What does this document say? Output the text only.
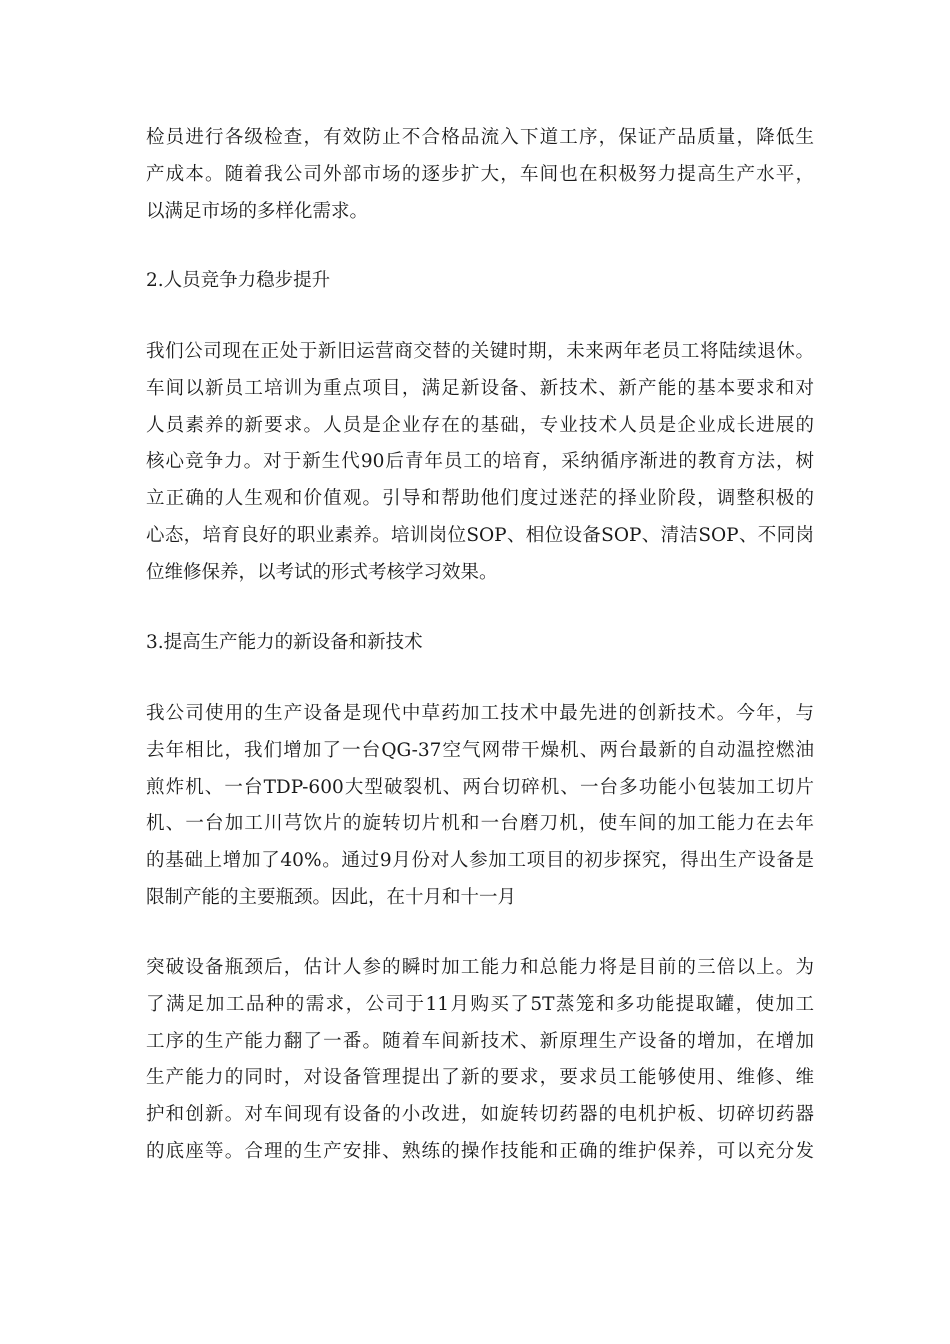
检员进行各级检查，有效防止不合格品流入下道工序，保证产品质量，降低生
产成本。随着我公司外部市场的逐步扩大，车间也在积极努力提高生产水平，
以满足市场的多样化需求。
2.人员竞争力稳步提升
我们公司现在正处于新旧运营商交替的关键时期，未来两年老员工将陆续退休。
车间以新员工培训为重点项目，满足新设备、新技术、新产能的基本要求和对
人员素养的新要求。人员是企业存在的基础，专业技术人员是企业成长进展的
核心竞争力。对于新生代90后青年员工的培育，采纳循序渐进的教育方法，树
立正确的人生观和价值观。引导和帮助他们度过迷茫的择业阶段，调整积极的
心态，培育良好的职业素养。培训岗位SOP、相位设备SOP、清洁SOP、不同岗
位维修保养，以考试的形式考核学习效果。
3.提高生产能力的新设备和新技术
我公司使用的生产设备是现代中草药加工技术中最先进的创新技术。今年，与
去年相比，我们增加了一台QG-37空气网带干燥机、两台最新的自动温控燃油
煎炸机、一台TDP-600大型破裂机、两台切碎机、一台多功能小包装加工切片
机、一台加工川芎饮片的旋转切片机和一台磨刀机，使车间的加工能力在去年
的基础上增加了40%。通过9月份对人参加工项目的初步探究，得出生产设备是
限制产能的主要瓶颈。因此，在十月和十一月
突破设备瓶颈后，估计人参的瞬时加工能力和总能力将是目前的三倍以上。为
了满足加工品种的需求，公司于11月购买了5T蒸笼和多功能提取罐，使加工
工序的生产能力翻了一番。随着车间新技术、新原理生产设备的增加，在增加
生产能力的同时，对设备管理提出了新的要求，要求员工能够使用、维修、维
护和创新。对车间现有设备的小改进，如旋转切药器的电机护板、切碎切药器
的底座等。合理的生产安排、熟练的操作技能和正确的维护保养，可以充分发
